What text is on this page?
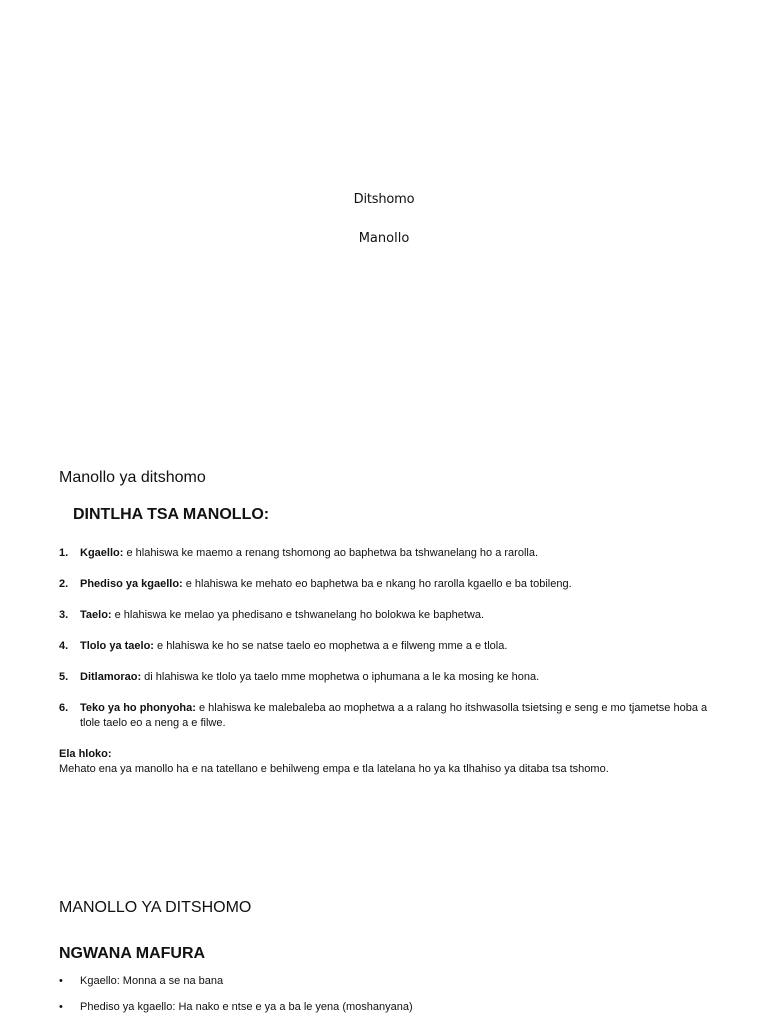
Ditshomo
Manollo
Manollo ya ditshomo
DINTLHA TSA MANOLLO:
1. Kgaello: e hlahiswa ke maemo a renang tshomong ao baphetwa ba tshwanelang ho a rarolla.
2. Phediso ya kgaello: e hlahiswa ke mehato eo baphetwa ba e nkang ho rarolla kgaello e ba tobileng.
3. Taelo: e hlahiswa ke melao ya phedisano e tshwanelang ho bolokwa ke baphetwa.
4. Tlolo ya taelo: e hlahiswa ke ho se natse taelo eo mophetwa a e filweng mme a e tlola.
5. Ditlamorao: di hlahiswa ke tlolo ya taelo mme mophetwa o iphumana a le ka mosing ke hona.
6. Teko ya ho phonyoha: e hlahiswa ke malebaleba ao mophetwa a a ralang ho itshwasolla tsietsing e seng e mo tjametse hoba a tlole taelo eo a neng a e filwe.
Ela hloko:
Mehato ena ya manollo ha e na tatellano e behilweng empa e tla latelana ho ya ka tlhahiso ya ditaba tsa tshomo.
MANOLLO YA DITSHOMO
NGWANA MAFURA
• Kgaello: Monna a se na bana
• Phediso ya kgaello: Ha nako e ntse e ya a ba le yena (moshanyana)
